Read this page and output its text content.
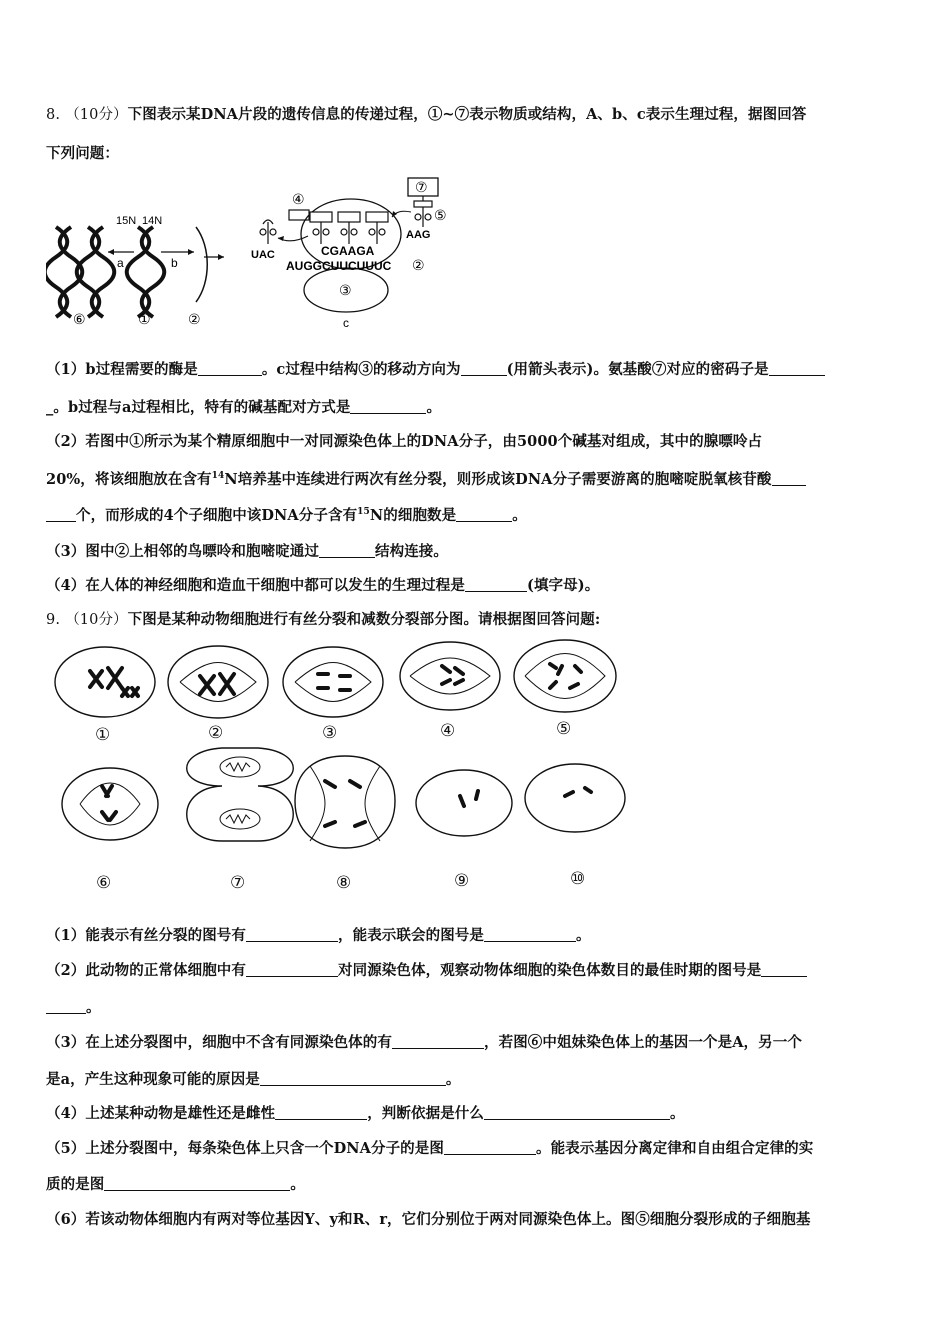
8. （10分）下图表示某DNA片段的遗传信息的传递过程，①~⑦表示物质或结构，A、b、c表示生理过程，据图回答
下列问题：
15N 14N
a	b
⑥	①	②
③
c
④
UAC
⑦
⑤
AAG
CGAAGA
AUGGCUUCUUUC ②
（1）b过程需要的酶是	。c过程中结构③的移动方向为	(用箭头表示)。氨基酸⑦对应的密码子是
_。b过程与a过程相比，特有的碱基配对方式是	。
（2）若图中①所示为某个精原细胞中一对同源染色体上的DNA分子，由5000个碱基对组成，其中的腺嘌呤占
20%，将该细胞放在含有$^{14}$N培养基中连续进行两次有丝分裂，则形成该DNA分子需要游离的胞嘧啶脱氧核苷酸
个，而形成的4个子细胞中该DNA分子含有$^{15}$N的细胞数是	。
（3）图中②上相邻的鸟嘌呤和胞嘧啶通过	结构连接。
（4）在人体的神经细胞和造血干细胞中都可以发生的生理过程是	(填字母)。
9. （10分）下图是某种动物细胞进行有丝分裂和减数分裂部分图。请根据图回答问题:
①	②	③	④	⑤
⑥	⑦	⑧	⑨	⑩
（1）能表示有丝分裂的图号有	，能表示联会的图号是	。
（2）此动物的正常体细胞中有	对同源染色体，观察动物体细胞的染色体数目的最佳时期的图号是
。
（3）在上述分裂图中，细胞中不含有同源染色体的有	，若图⑥中姐妹染色体上的基因一个是A，另一个
是a，产生这种现象可能的原因是	。
（4）上述某种动物是雄性还是雌性	，判断依据是什么	。
（5）上述分裂图中，每条染色体上只含一个DNA分子的是图	。能表示基因分离定律和自由组合定律的实
质的是图	。
（6）若该动物体细胞内有两对等位基因Y、y和R、r，它们分别位于两对同源染色体上。图⑤细胞分裂形成的子细胞基
